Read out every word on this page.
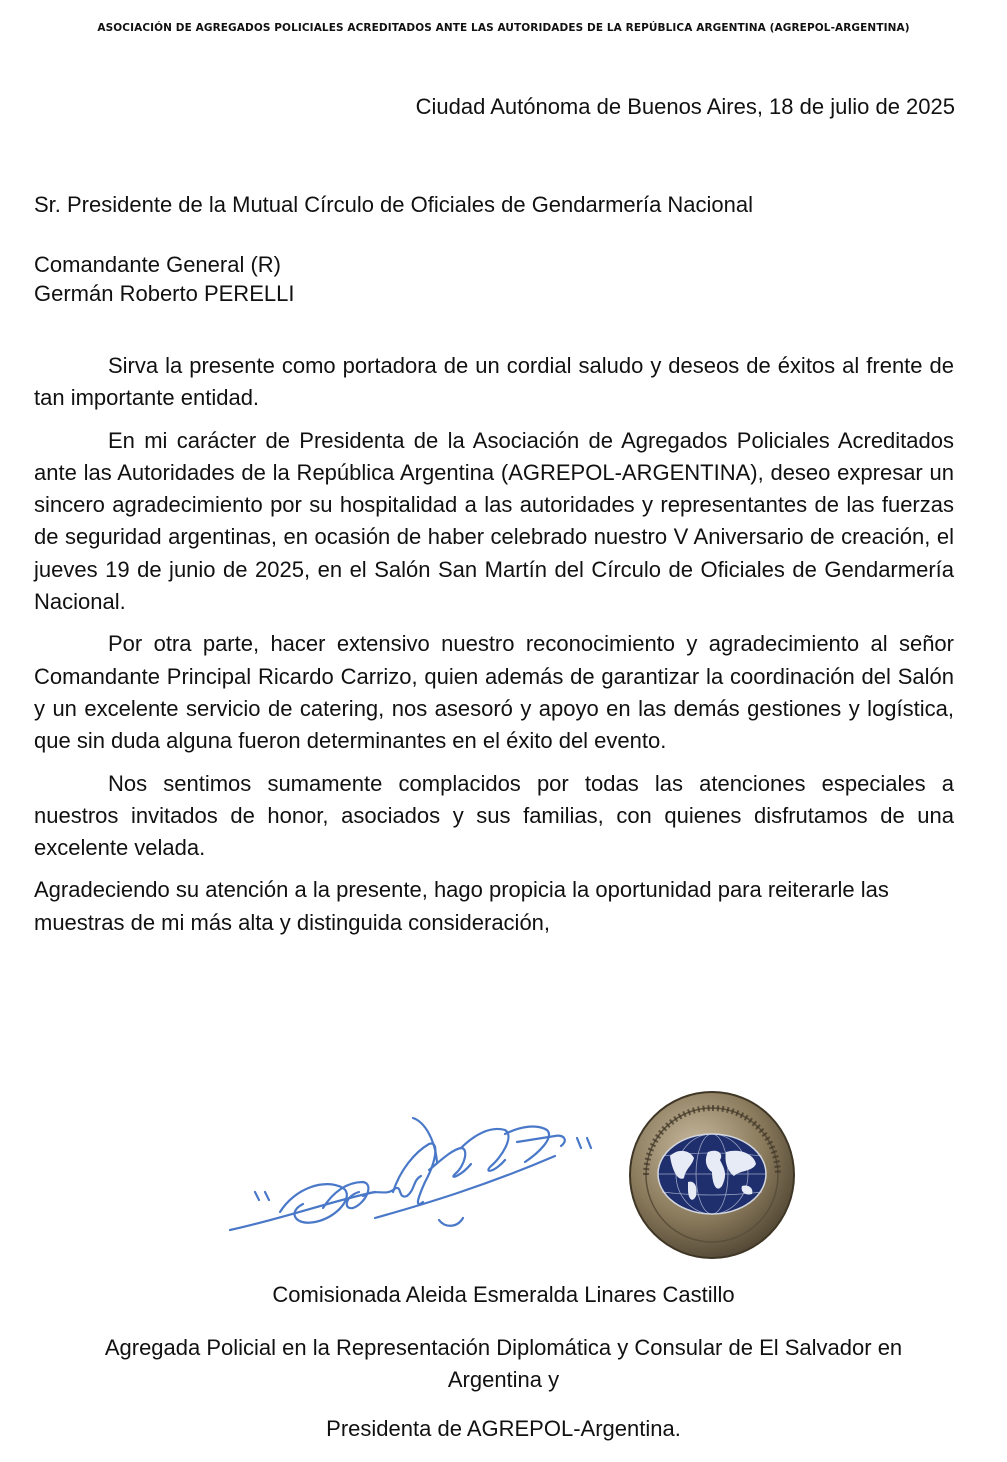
ASOCIACIÓN DE AGREGADOS POLICIALES ACREDITADOS ANTE LAS AUTORIDADES DE LA REPÚBLICA ARGENTINA (AGREPOL-ARGENTINA)
Ciudad Autónoma de Buenos Aires, 18 de julio de 2025
Sr. Presidente de la Mutual Círculo de Oficiales de Gendarmería Nacional
Comandante General (R)
Germán Roberto PERELLI

Sirva la presente como portadora de un cordial saludo y deseos de éxitos al frente de tan importante entidad.

En mi carácter de Presidenta de la Asociación de Agregados Policiales Acreditados ante las Autoridades de la República Argentina (AGREPOL-ARGENTINA), deseo expresar un sincero agradecimiento por su hospitalidad a las autoridades y representantes de las fuerzas de seguridad argentinas, en ocasión de haber celebrado nuestro V Aniversario de creación, el jueves 19 de junio de 2025, en el Salón San Martín del Círculo de Oficiales de Gendarmería Nacional.

Por otra parte, hacer extensivo nuestro reconocimiento y agradecimiento al señor Comandante Principal Ricardo Carrizo, quien además de garantizar la coordinación del Salón y un excelente servicio de catering, nos asesoró y apoyo en las demás gestiones y logística, que sin duda alguna fueron determinantes en el éxito del evento.

Nos sentimos sumamente complacidos por todas las atenciones especiales a nuestros invitados de honor, asociados y sus familias, con quienes disfrutamos de una excelente velada.

Agradeciendo su atención a la presente, hago propicia la oportunidad para reiterarle las muestras de mi más alta y distinguida consideración,

Comisionada Aleida Esmeralda Linares Castillo
Agregada Policial en la Representación Diplomática y Consular de El Salvador en
Argentina y
Presidenta de AGREPOL-Argentina.
